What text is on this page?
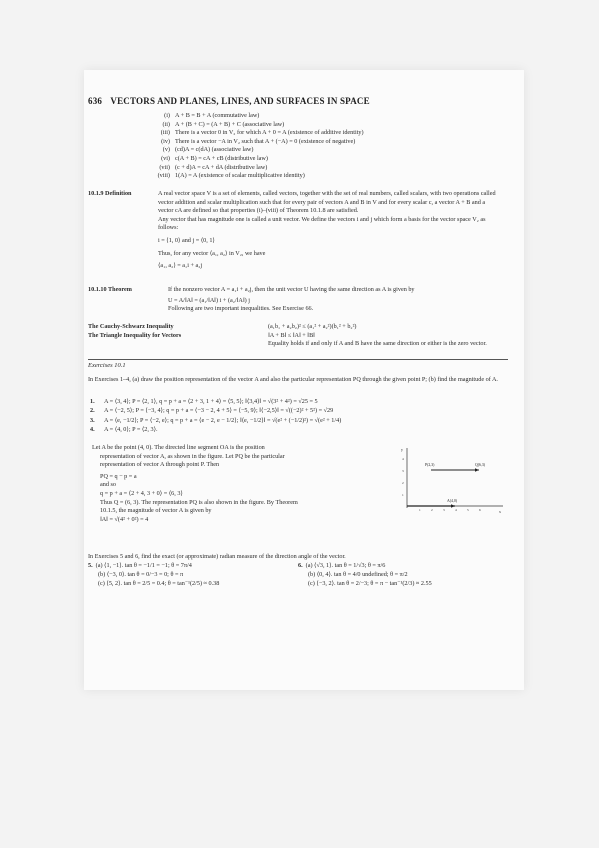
636 VECTORS AND PLANES, LINES, AND SURFACES IN SPACE
(i) A + B = B + A (commutative law)
(ii) A + (B + C) = (A + B) + C (associative law)
(iii) There is a vector 0 in V₂ for which A + 0 = A (existence of additive identity)
(iv) There is a vector −A in V₂ such that A + (−A) = 0 (existence of negative)
(v) (cd)A = c(dA) (associative law)
(vi) c(A + B) = cA + cB (distributive law)
(vii) (c + d)A = cA + dA (distributive law)
(viii) 1(A) = A (existence of scalar multiplicative identity)
10.1.9 Definition	A real vector space V is a set of elements, called vectors, together with the set of real numbers, called scalars, with two operations called vector addition and scalar multiplication such that for every pair of vectors A and B in V and for every scalar c, a vector A + B and a vector cA are defined so that properties (i)–(viii) of Theorem 10.1.8 are satisfied.
Any vector that has magnitude one is called a unit vector. We define the vectors i and j which form a basis for the vector space V₂ as follows:
i = ⟨1, 0⟩ and j = ⟨0, 1⟩
Thus, for any vector ⟨a₁, a₂⟩ in V₂, we have
⟨a₁, a₂⟩ = a₁i + a₂j
10.1.10 Theorem	If the nonzero vector A = a₁i + a₂j, then the unit vector U having the same direction as A is given by
U = A/‖A‖ = (a₁/‖A‖) i + (a₂/‖A‖) j
Following are two important inequalities. See Exercise 66.
The Cauchy-Schwarz Inequality	(a₁b₁ + a₂b₂)² ≤ (a₁² + a₂²)(b₁² + b₂²)
The Triangle Inequality for Vectors	‖A + B‖ ≤ ‖A‖ + ‖B‖
Equality holds if and only if A and B have the same direction or either is the zero vector.
Exercises 10.1
In Exercises 1–4, (a) draw the position representation of the vector A and also the particular representation PQ through the given point P; (b) find the magnitude of A.
1.	A = ⟨3, 4⟩; P = ⟨2, 1⟩, q = p + a = ⟨2 + 3, 1 + 4⟩ = ⟨5, 5⟩; ‖⟨3,4⟩‖ = √(3² + 4²) = √25 = 5
2.	A = ⟨−2, 5⟩; P = ⟨−3, 4⟩; q = p + a = ⟨−3 − 2, 4 + 5⟩ = ⟨−5, 9⟩; ‖⟨−2,5⟩‖ = √((−2)² + 5²) = √29
3.	A = ⟨e, −1/2⟩; P = ⟨−2, e⟩; q = p + a = ⟨e − 2, e − 1/2⟩; ‖⟨e, −1/2⟩‖ = √(e² + (−1/2)²) = √(e² + 1/4)
4.	A = ⟨4, 0⟩; P = ⟨2, 3⟩.
Let A be the point (4, 0). The directed line segment OA is the position
representation of vector A, as shown in the figure. Let PQ be the particular
representation of vector A through point P. Then
PQ = q − p = a
and so
q = p + a = ⟨2 + 4, 3 + 0⟩ = ⟨6, 3⟩
Thus Q = (6, 3). The representation PQ is also shown in the figure. By Theorem
10.1.5, the magnitude of vector A is given by
‖A‖ = √(4² + 0²) = 4
x
y
1	2	3	4	5	6
1
2
3
4
P(2,3)	Q(6,3)
A(4,0)
In Exercises 5 and 6, find the exact (or approximate) radian measure of the direction angle of the vector.
5. (a) ⟨1, −1⟩. tan θ = −1/1 = −1; θ = 7π/4
(b) ⟨−3, 0⟩. tan θ = 0/−3 = 0; θ = π
(c) ⟨5, 2⟩. tan θ = 2/5 = 0.4; θ = tan⁻¹(2/5) ≈ 0.38
6. (a) ⟨√3, 1⟩. tan θ = 1/√3; θ = π/6
(b) ⟨0, 4⟩. tan θ = 4/0 undefined; θ = π/2
(c) ⟨−3, 2⟩. tan θ = 2/−3; θ = π − tan⁻¹(2/3) ≈ 2.55
